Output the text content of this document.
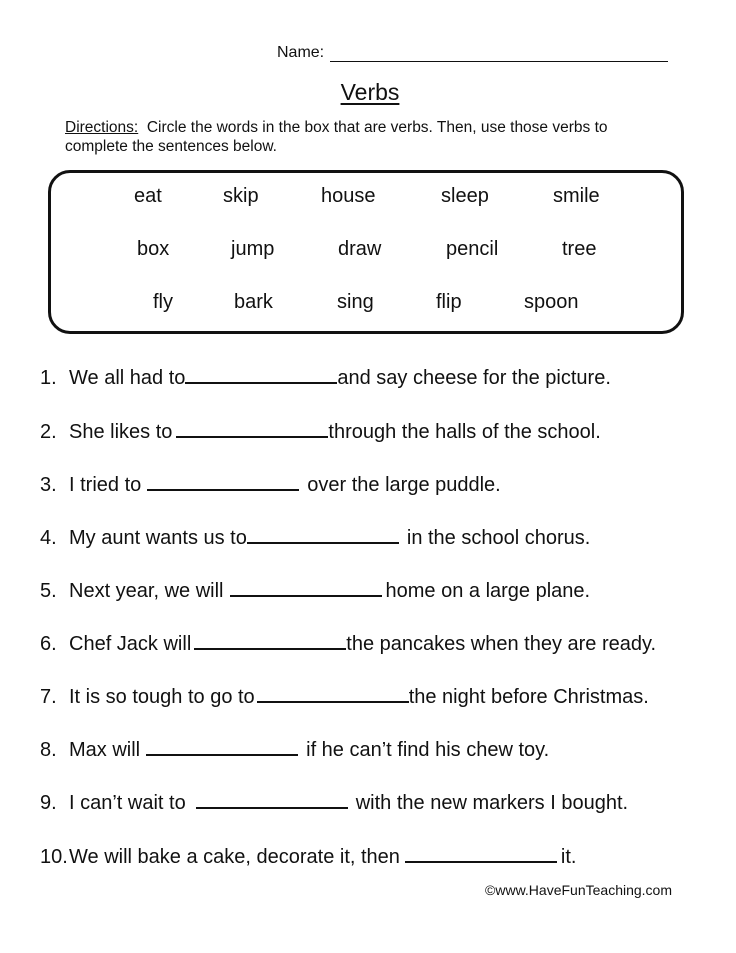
Name:
Verbs
Directions: Circle the words in the box that are verbs. Then, use those verbs to
complete the sentences below.
eat	skip	house	sleep	smile
box	jump	draw	pencil	tree
fly	bark	sing	flip	spoon
1. We all had to	and say cheese for the picture.
2. She likes to	through the halls of the school.
3. I tried to	over the large puddle.
4. My aunt wants us to	in the school chorus.
5. Next year, we will	home on a large plane.
6. Chef Jack will	the pancakes when they are ready.
7. It is so tough to go to	the night before Christmas.
8. Max will	if he can’t find his chew toy.
9. I can’t wait to	with the new markers I bought.
10. We will bake a cake, decorate it, then	it.
©www.HaveFunTeaching.com
